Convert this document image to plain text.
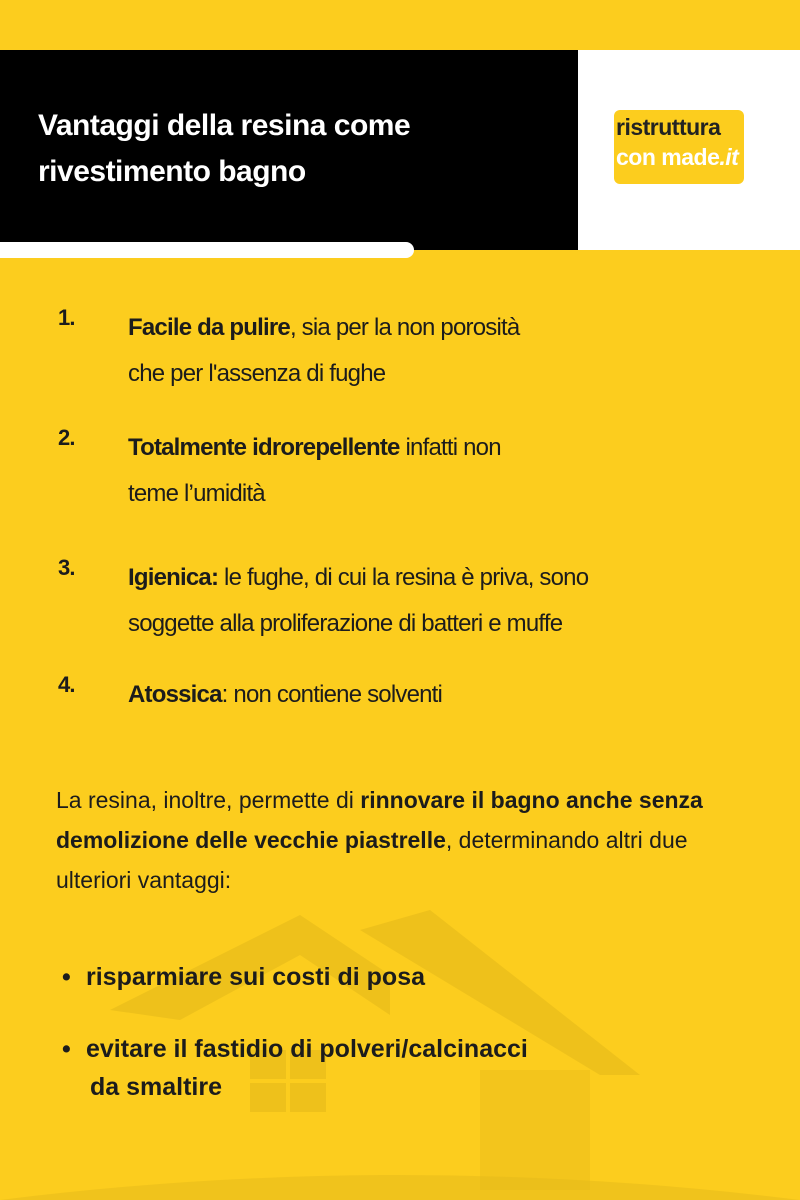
Vantaggi della resina come
rivestimento bagno
ristruttura
con made.it
1. Facile da pulire, sia per la non porosità
che per l'assenza di fughe
2. Totalmente idrorepellente infatti non
teme l’umidità
3. Igienica: le fughe, di cui la resina è priva, sono
soggette alla proliferazione di batteri e muffe
4. Atossica: non contiene solventi
La resina, inoltre, permette di rinnovare il bagno anche senza demolizione delle vecchie piastrelle, determinando altri due ulteriori vantaggi:
• risparmiare sui costi di posa
• evitare il fastidio di polveri/calcinacci
da smaltire
